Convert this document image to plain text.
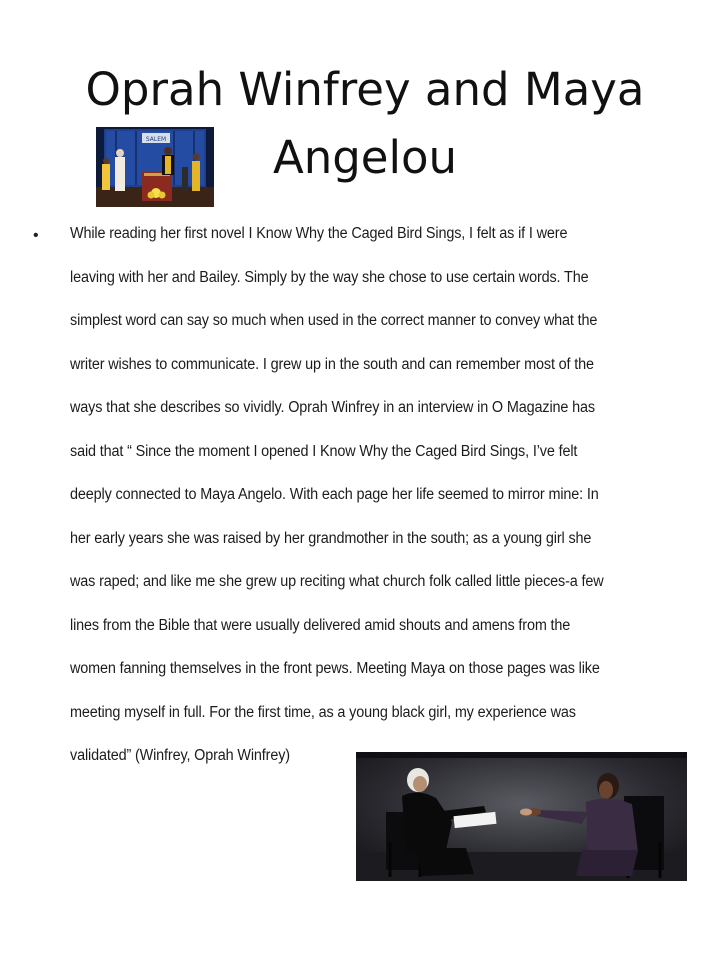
Oprah Winfrey and Maya
Angelou
SALEM
• While reading her first novel I Know Why the Caged Bird Sings, I felt as if I were
leaving with her and Bailey. Simply by the way she chose to use certain words. The
simplest word can say so much when used in the correct manner to convey what the
writer wishes to communicate. I grew up in the south and can remember most of the
ways that she describes so vividly. Oprah Winfrey in an interview in O Magazine has
said that “ Since the moment I opened I Know Why the Caged Bird Sings, I’ve felt
deeply connected to Maya Angelo. With each page her life seemed to mirror mine: In
her early years she was raised by her grandmother in the south; as a young girl she
was raped; and like me she grew up reciting what church folk called little pieces-a few
lines from the Bible that were usually delivered amid shouts and amens from the
women fanning themselves in the front pews. Meeting Maya on those pages was like
meeting myself in full. For the first time, as a young black girl, my experience was
validated” (Winfrey, Oprah Winfrey)
